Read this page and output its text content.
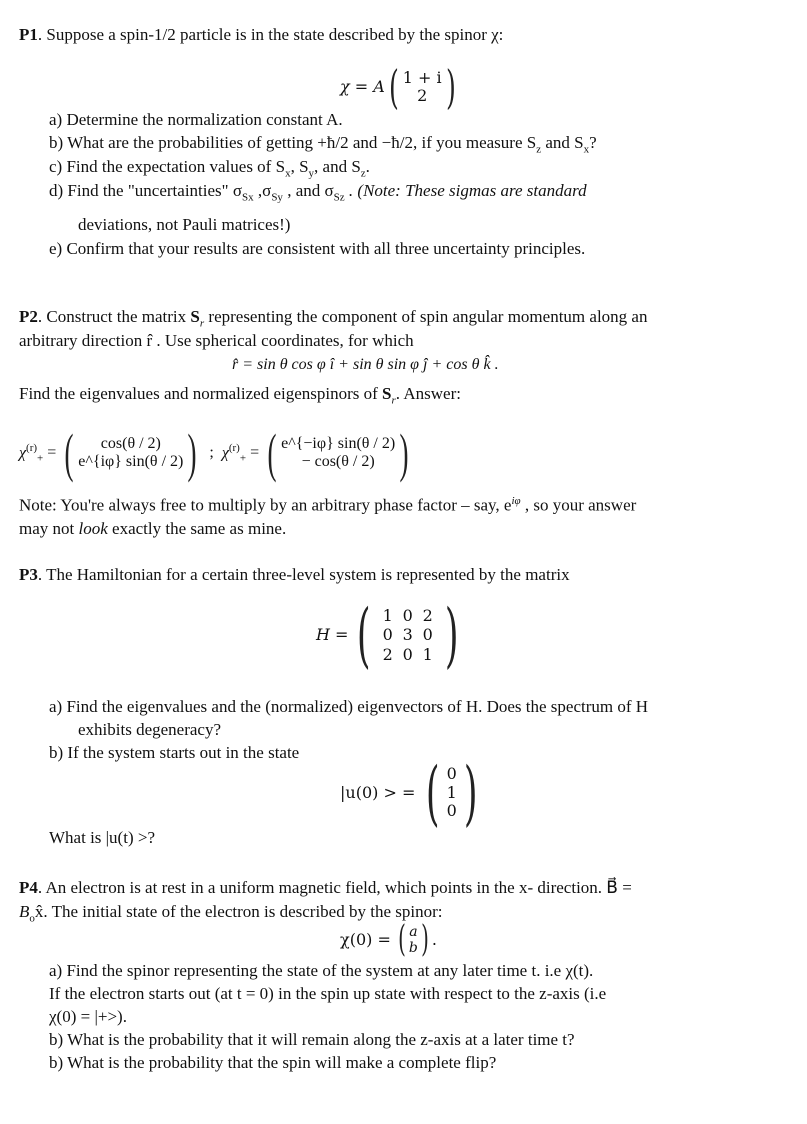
P1. Suppose a spin-1/2 particle is in the state described by the spinor χ:
χ = A ( 1 + i
2 )
a) Determine the normalization constant A.
b) What are the probabilities of getting +ħ/2 and −ħ/2, if you measure $S_z$ and $S_x$?
c) Find the expectation values of $S_x$, $S_y$, and $S_z$.
d) Find the "uncertainties" $\sigma_{Sx}$ $,\sigma_{Sy}$ , and $\sigma_{Sz}$ . (Note: These sigmas are standard
deviations, not Pauli matrices!)
e) Confirm that your results are consistent with all three uncertainty principles.
P2. Construct the matrix $S_r$ representing the component of spin angular momentum along an
arbitrary direction r̂ . Use spherical coordinates, for which
r̂ = sin θ cos φ î + sin θ sin φ ĵ + cos θ k̂ .
Find the eigenvalues and normalized eigenspinors of $S_r$. Answer:
$\chi^{(r)}_+$ = ( cos(θ / 2)
e^{iφ} sin(θ / 2) ) ; $\chi^{(r)}_+$ = ( e^{−iφ} sin(θ / 2)
− cos(θ / 2) )
Note: You're always free to multiply by an arbitrary phase factor – say, $e^{i\varphi}$ , so your answer
may not look exactly the same as mine.
P3. The Hamiltonian for a certain three-level system is represented by the matrix
H = ( 1 0 2
0 3 0
2 0 1 )
a) Find the eigenvalues and the (normalized) eigenvectors of H. Does the spectrum of H
exhibits degeneracy?
b) If the system starts out in the state
|u(0) > = ( 0
1
0 )
What is |u(t) >?
P4. An electron is at rest in a uniform magnetic field, which points in the x- direction. B⃗ =
$B_ox̂$. The initial state of the electron is described by the spinor:
χ(0) = ( a
b ) .
a) Find the spinor representing the state of the system at any later time t. i.e χ(t).
If the electron starts out (at t = 0) in the spin up state with respect to the z-axis (i.e
χ(0) = |+>).
b) What is the probability that it will remain along the z-axis at a later time t?
b) What is the probability that the spin will make a complete flip?
